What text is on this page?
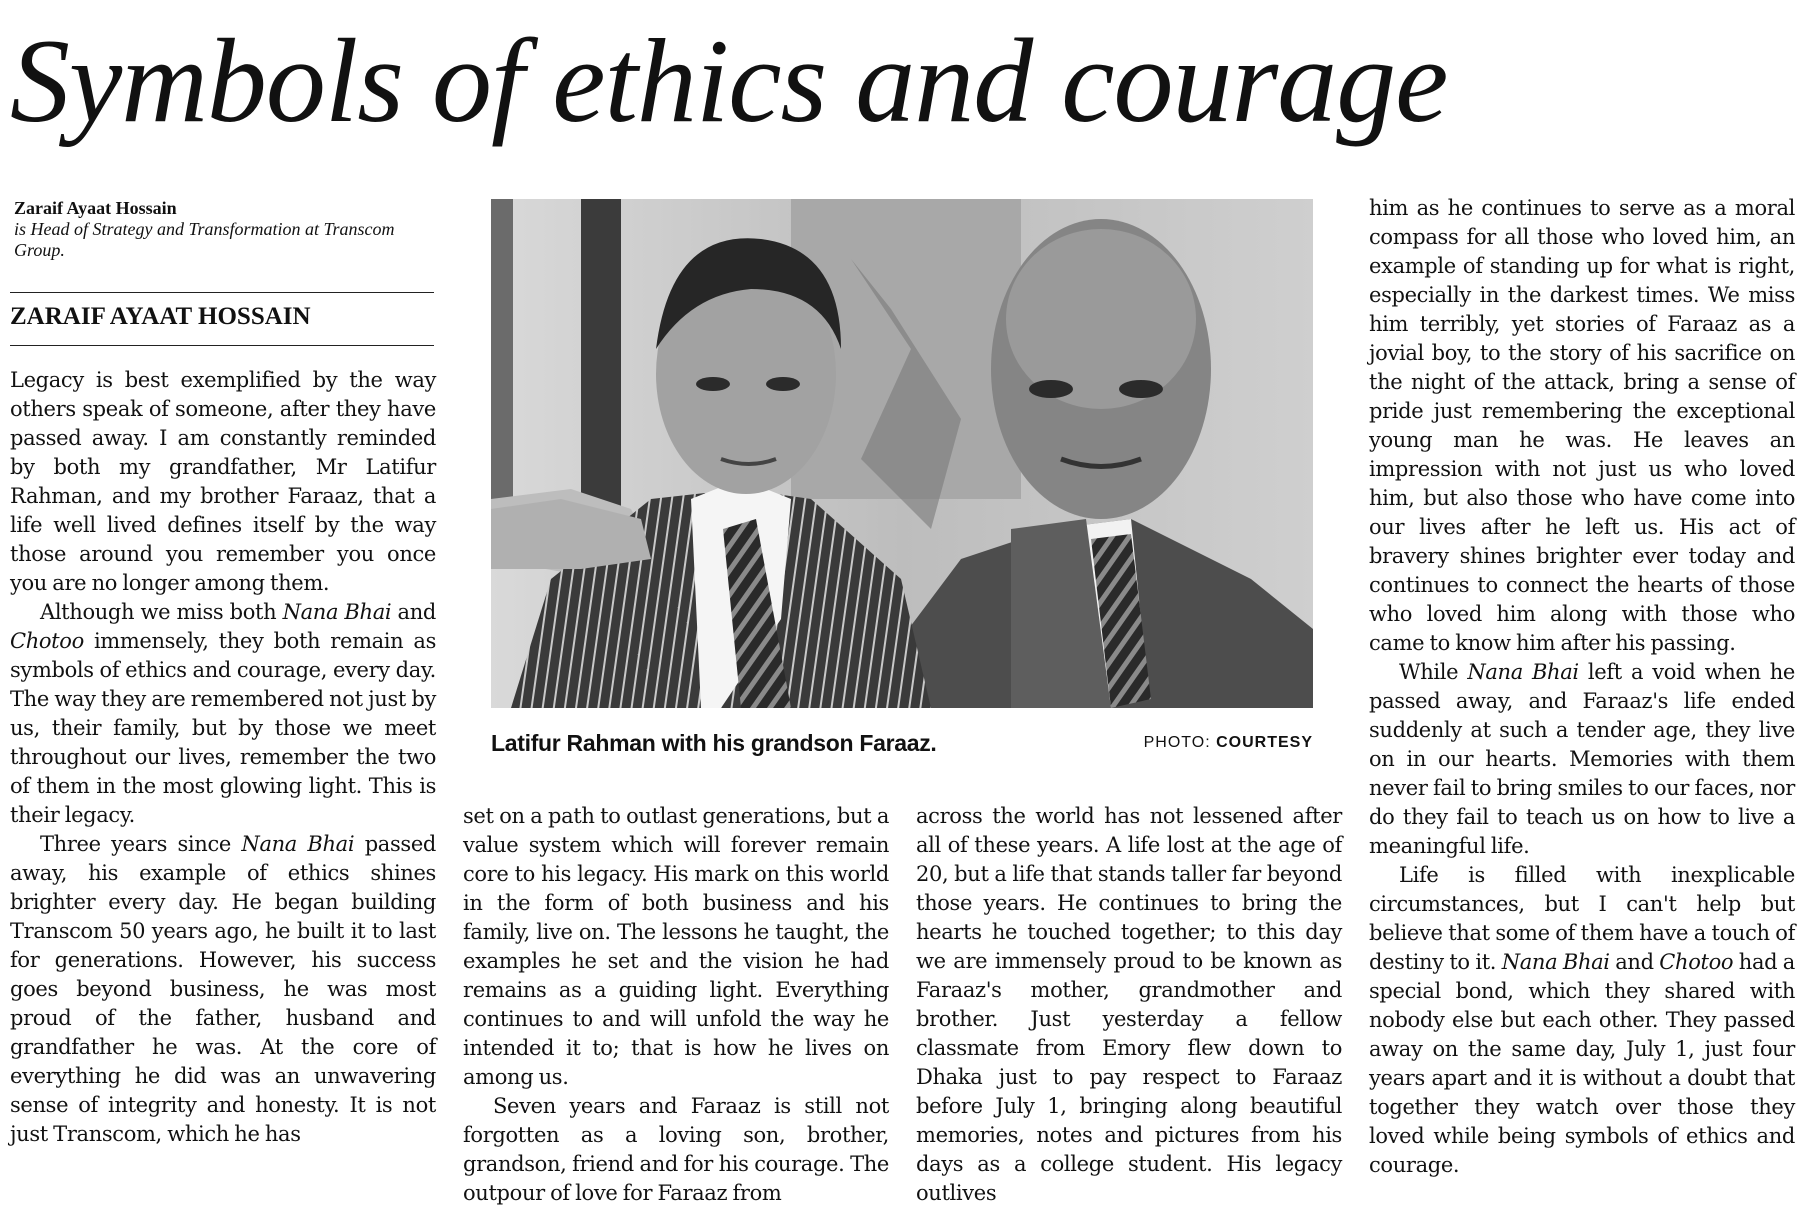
Symbols of ethics and courage
Zaraif Ayaat Hossain
is Head of Strategy and Transformation at Transcom Group.
ZARAIF AYAAT HOSSAIN

Legacy is best exemplified by the way others speak of someone, after they have passed away. I am constantly reminded by both my grandfather, Mr Latifur Rahman, and my brother Faraaz, that a life well lived defines itself by the way those around you remember you once you are no longer among them.

Although we miss both Nana Bhai and Chotoo immensely, they both remain as symbols of ethics and courage, every day. The way they are remembered not just by us, their family, but by those we meet throughout our lives, remember the two of them in the most glowing light. This is their legacy.

Three years since Nana Bhai passed away, his example of ethics shines brighter every day. He began building Transcom 50 years ago, he built it to last for generations. However, his success goes beyond business, he was most proud of the father, husband and grandfather he was. At the core of everything he did was an unwavering sense of integrity and honesty. It is not just Transcom, which he has

Latifur Rahman with his grandson Faraaz.	PHOTO: COURTESY

set on a path to outlast generations, but a value system which will forever remain core to his legacy. His mark on this world in the form of both business and his family, live on. The lessons he taught, the examples he set and the vision he had remains as a guiding light. Everything continues to and will unfold the way he intended it to; that is how he lives on among us.

Seven years and Faraaz is still not forgotten as a loving son, brother, grandson, friend and for his courage. The outpour of love for Faraaz from

across the world has not lessened after all of these years. A life lost at the age of 20, but a life that stands taller far beyond those years. He continues to bring the hearts he touched together; to this day we are immensely proud to be known as Faraaz's mother, grandmother and brother. Just yesterday a fellow classmate from Emory flew down to Dhaka just to pay respect to Faraaz before July 1, bringing along beautiful memories, notes and pictures from his days as a college student. His legacy outlives

him as he continues to serve as a moral compass for all those who loved him, an example of standing up for what is right, especially in the darkest times. We miss him terribly, yet stories of Faraaz as a jovial boy, to the story of his sacrifice on the night of the attack, bring a sense of pride just remembering the exceptional young man he was. He leaves an impression with not just us who loved him, but also those who have come into our lives after he left us. His act of bravery shines brighter ever today and continues to connect the hearts of those who loved him along with those who came to know him after his passing.

While Nana Bhai left a void when he passed away, and Faraaz's life ended suddenly at such a tender age, they live on in our hearts. Memories with them never fail to bring smiles to our faces, nor do they fail to teach us on how to live a meaningful life.

Life is filled with inexplicable circumstances, but I can't help but believe that some of them have a touch of destiny to it. Nana Bhai and Chotoo had a special bond, which they shared with nobody else but each other. They passed away on the same day, July 1, just four years apart and it is without a doubt that together they watch over those they loved while being symbols of ethics and courage.
